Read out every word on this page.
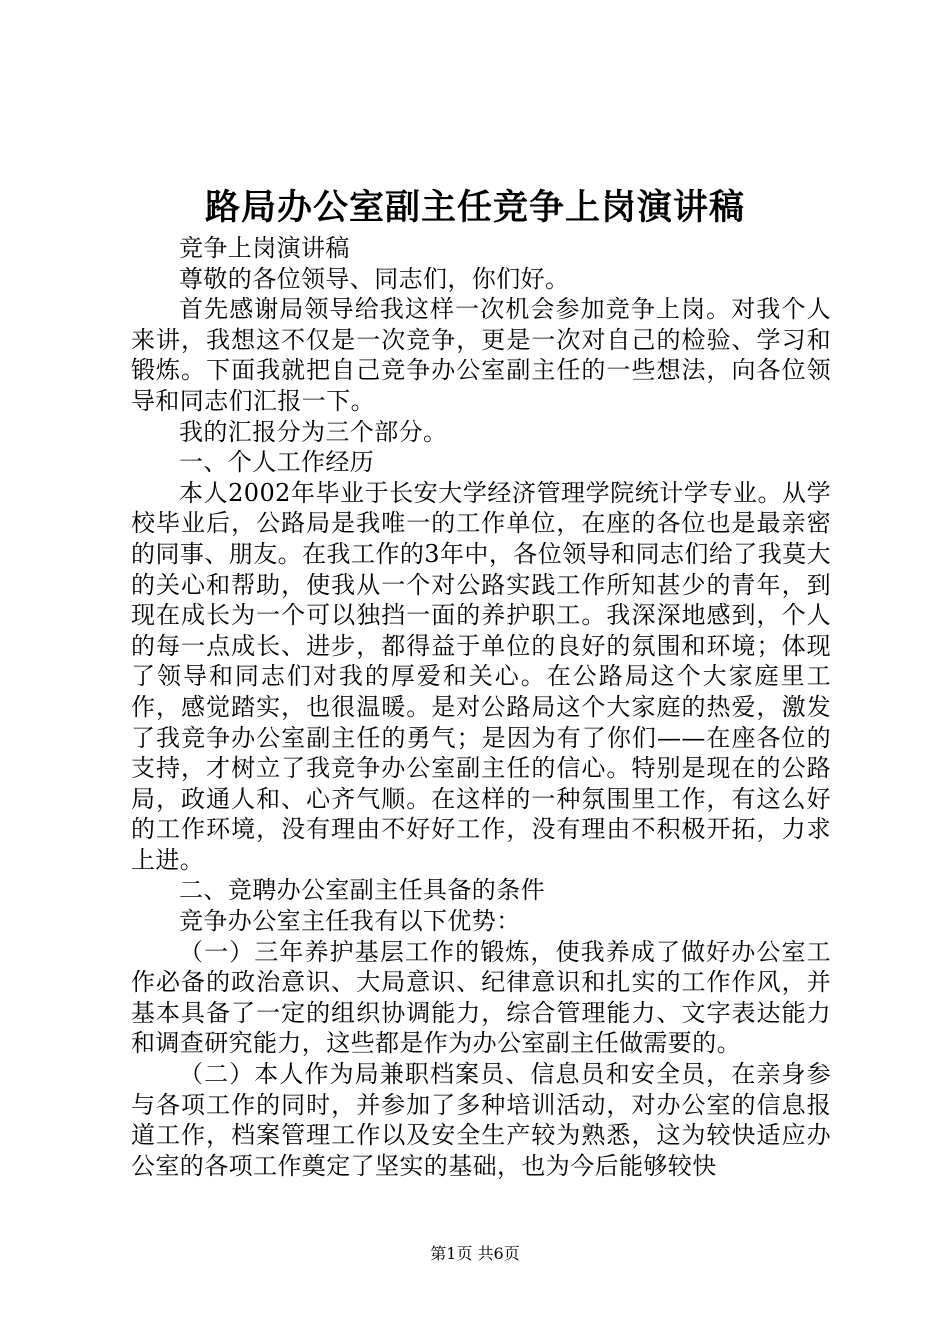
路局办公室副主任竞争上岗演讲稿

竞争上岗演讲稿

尊敬的各位领导、同志们，你们好。

首先感谢局领导给我这样一次机会参加竞争上岗。对我个人来讲，我想这不仅是一次竞争，更是一次对自己的检验、学习和锻炼。下面我就把自己竞争办公室副主任的一些想法，向各位领导和同志们汇报一下。

我的汇报分为三个部分。

一、个人工作经历

本人2002年毕业于长安大学经济管理学院统计学专业。从学校毕业后，公路局是我唯一的工作单位，在座的各位也是最亲密的同事、朋友。在我工作的3年中，各位领导和同志们给了我莫大的关心和帮助，使我从一个对公路实践工作所知甚少的青年，到现在成长为一个可以独挡一面的养护职工。我深深地感到，个人的每一点成长、进步，都得益于单位的良好的氛围和环境；体现了领导和同志们对我的厚爱和关心。在公路局这个大家庭里工作，感觉踏实，也很温暖。是对公路局这个大家庭的热爱，激发了我竞争办公室副主任的勇气；是因为有了你们——在座各位的支持，才树立了我竞争办公室副主任的信心。特别是现在的公路局，政通人和、心齐气顺。在这样的一种氛围里工作，有这么好的工作环境，没有理由不好好工作，没有理由不积极开拓，力求上进。

二、竞聘办公室副主任具备的条件

竞争办公室主任我有以下优势：

（一）三年养护基层工作的锻炼，使我养成了做好办公室工作必备的政治意识、大局意识、纪律意识和扎实的工作作风，并基本具备了一定的组织协调能力，综合管理能力、文字表达能力和调查研究能力，这些都是作为办公室副主任做需要的。

（二）本人作为局兼职档案员、信息员和安全员，在亲身参与各项工作的同时，并参加了多种培训活动，对办公室的信息报道工作，档案管理工作以及安全生产较为熟悉，这为较快适应办公室的各项工作奠定了坚实的基础，也为今后能够较快

第1页 共6页
